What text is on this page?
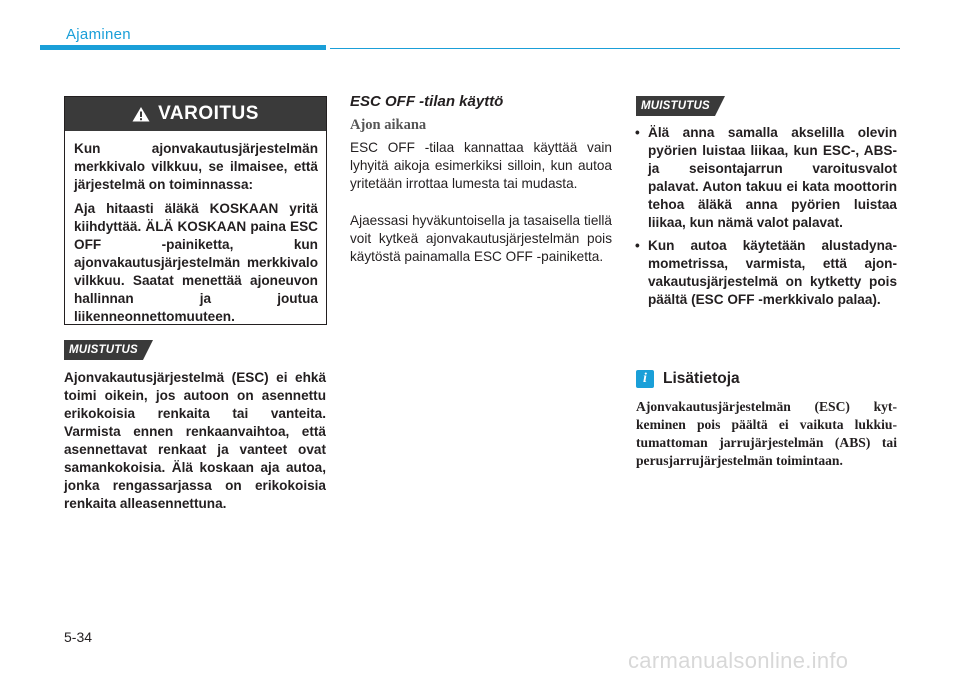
Ajaminen
VAROITUS

Kun ajonvakautusjärjestelmän merkkivalo vilkkuu, se ilmaisee, että järjestelmä on toiminnassa:

Aja hitaasti äläkä KOSKAAN yritä kiihdyttää. ÄLÄ KOSKAAN paina ESC OFF -painiketta, kun ajonvakautusjärjestelmän merkkivalo vilkkuu. Saatat menettää ajoneuvon hallinnan ja joutua liikenneonnettomuuteen.

MUISTUTUS
Ajonvakautusjärjestelmä (ESC) ei ehkä toimi oikein, jos autoon on asennettu erikokoisia renkaita tai vanteita. Varmista ennen renkaanvaihtoa, että asennettavat renkaat ja vanteet ovat samankokoisia. Älä koskaan aja autoa, jonka rengassarjassa on erikokoisia renkaita alleasennettuna.
ESC OFF -tilan käyttö
Ajon aikana
ESC OFF -tilaa kannattaa käyttää vain lyhyitä aikoja esimerkiksi silloin, kun autoa yritetään irrottaa lumesta tai mudasta.
Ajaessasi hyväkuntoisella ja tasaisella tiellä voit kytkeä ajonvakautusjärjestelmän pois käytöstä painamalla ESC OFF -painiketta.
MUISTUTUS
• Älä anna samalla akselilla olevin pyörien luistaa liikaa, kun ESC-, ABS- ja seisontajarrun varoitusvalot palavat. Auton takuu ei kata moottorin tehoa äläkä anna pyörien luistaa liikaa, kun nämä valot palavat.
• Kun autoa käytetään alustadynamometrissa, varmista, että ajonvakautusjärjestelmä on kytketty pois päältä (ESC OFF -merkkivalo palaa).
i	Lisätietoja
Ajonvakautusjärjestelmän (ESC) kytkeminen pois päältä ei vaikuta lukkiutumattoman jarrujärjestelmän (ABS) tai perusjarrujärjestelmän toimintaan.
5-34
carmanualsonline.info
